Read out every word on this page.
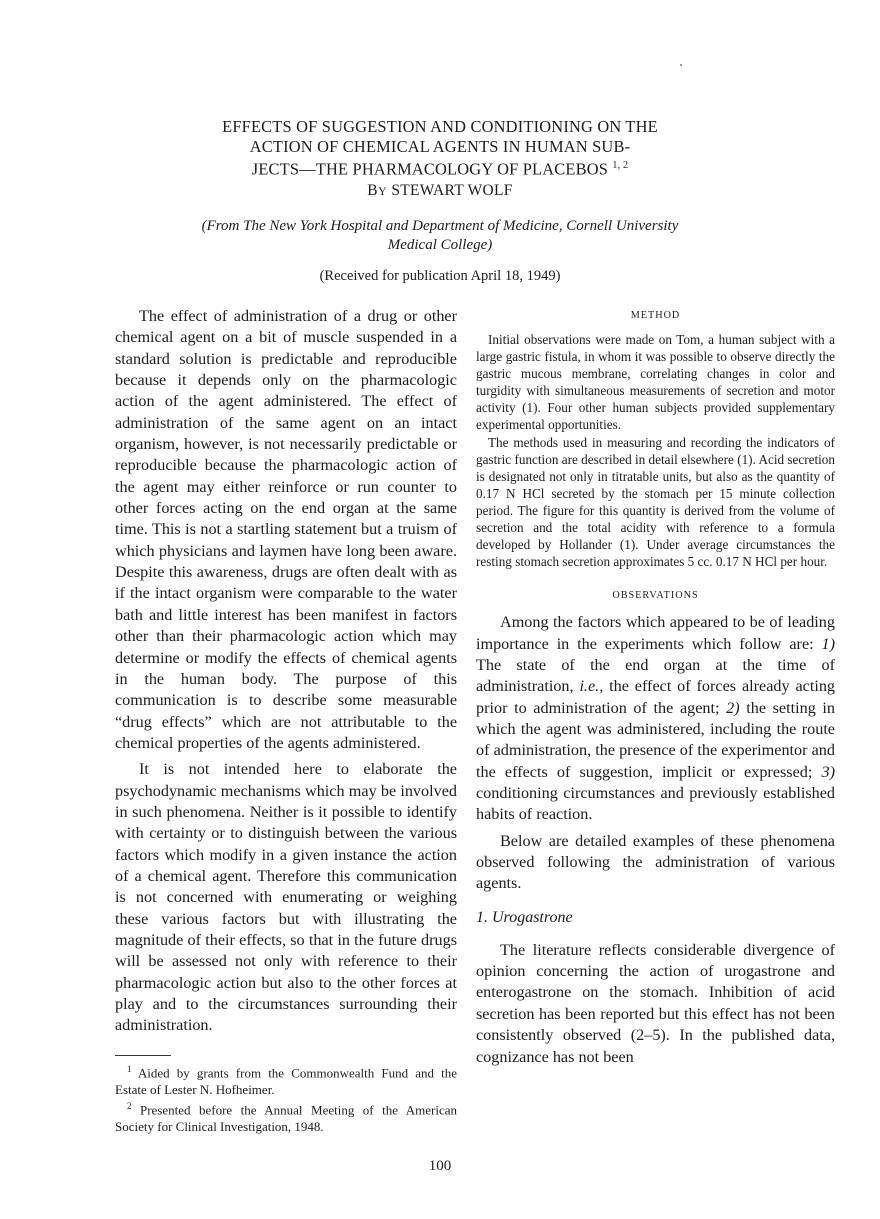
EFFECTS OF SUGGESTION AND CONDITIONING ON THE
ACTION OF CHEMICAL AGENTS IN HUMAN SUB-
JECTS—THE PHARMACOLOGY OF PLACEBOS $^{1, 2}$
BY STEWART WOLF
(From The New York Hospital and Department of Medicine, Cornell University
Medical College)
(Received for publication April 18, 1949)

The effect of administration of a drug or other chemical agent on a bit of muscle suspended in a standard solution is predictable and reproducible because it depends only on the pharmacologic action of the agent administered. The effect of administration of the same agent on an intact organism, however, is not necessarily predictable or reproducible because the pharmacologic action of the agent may either reinforce or run counter to other forces acting on the end organ at the same time. This is not a startling statement but a truism of which physicians and laymen have long been aware. Despite this awareness, drugs are often dealt with as if the intact organism were comparable to the water bath and little interest has been manifest in factors other than their pharmacologic action which may determine or modify the effects of chemical agents in the human body. The purpose of this communication is to describe some measurable “drug effects” which are not attributable to the chemical properties of the agents administered.

It is not intended here to elaborate the psychodynamic mechanisms which may be involved in such phenomena. Neither is it possible to identify with certainty or to distinguish between the various factors which modify in a given instance the action of a chemical agent. Therefore this communication is not concerned with enumerating or weighing these various factors but with illustrating the magnitude of their effects, so that in the future drugs will be assessed not only with reference to their pharmacologic action but also to the other forces at play and to the circumstances surrounding their administration.

$^1$ Aided by grants from the Commonwealth Fund and the Estate of Lester N. Hofheimer.

$^2$ Presented before the Annual Meeting of the American Society for Clinical Investigation, 1948.

METHOD

Initial observations were made on Tom, a human subject with a large gastric fistula, in whom it was possible to observe directly the gastric mucous membrane, correlating changes in color and turgidity with simultaneous measurements of secretion and motor activity (1). Four other human subjects provided supplementary experimental opportunities.

The methods used in measuring and recording the indicators of gastric function are described in detail elsewhere (1). Acid secretion is designated not only in titratable units, but also as the quantity of 0.17 N HCl secreted by the stomach per 15 minute collection period. The figure for this quantity is derived from the volume of secretion and the total acidity with reference to a formula developed by Hollander (1). Under average circumstances the resting stomach secretion approximates 5 cc. 0.17 N HCl per hour.

OBSERVATIONS

Among the factors which appeared to be of leading importance in the experiments which follow are: 1) The state of the end organ at the time of administration, i.e., the effect of forces already acting prior to administration of the agent; 2) the setting in which the agent was administered, including the route of administration, the presence of the experimentor and the effects of suggestion, implicit or expressed; 3) conditioning circumstances and previously established habits of reaction.

Below are detailed examples of these phenomena observed following the administration of various agents.

1. Urogastrone

The literature reflects considerable divergence of opinion concerning the action of urogastrone and enterogastrone on the stomach. Inhibition of acid secretion has been reported but this effect has not been consistently observed (2–5). In the published data, cognizance has not been

100
